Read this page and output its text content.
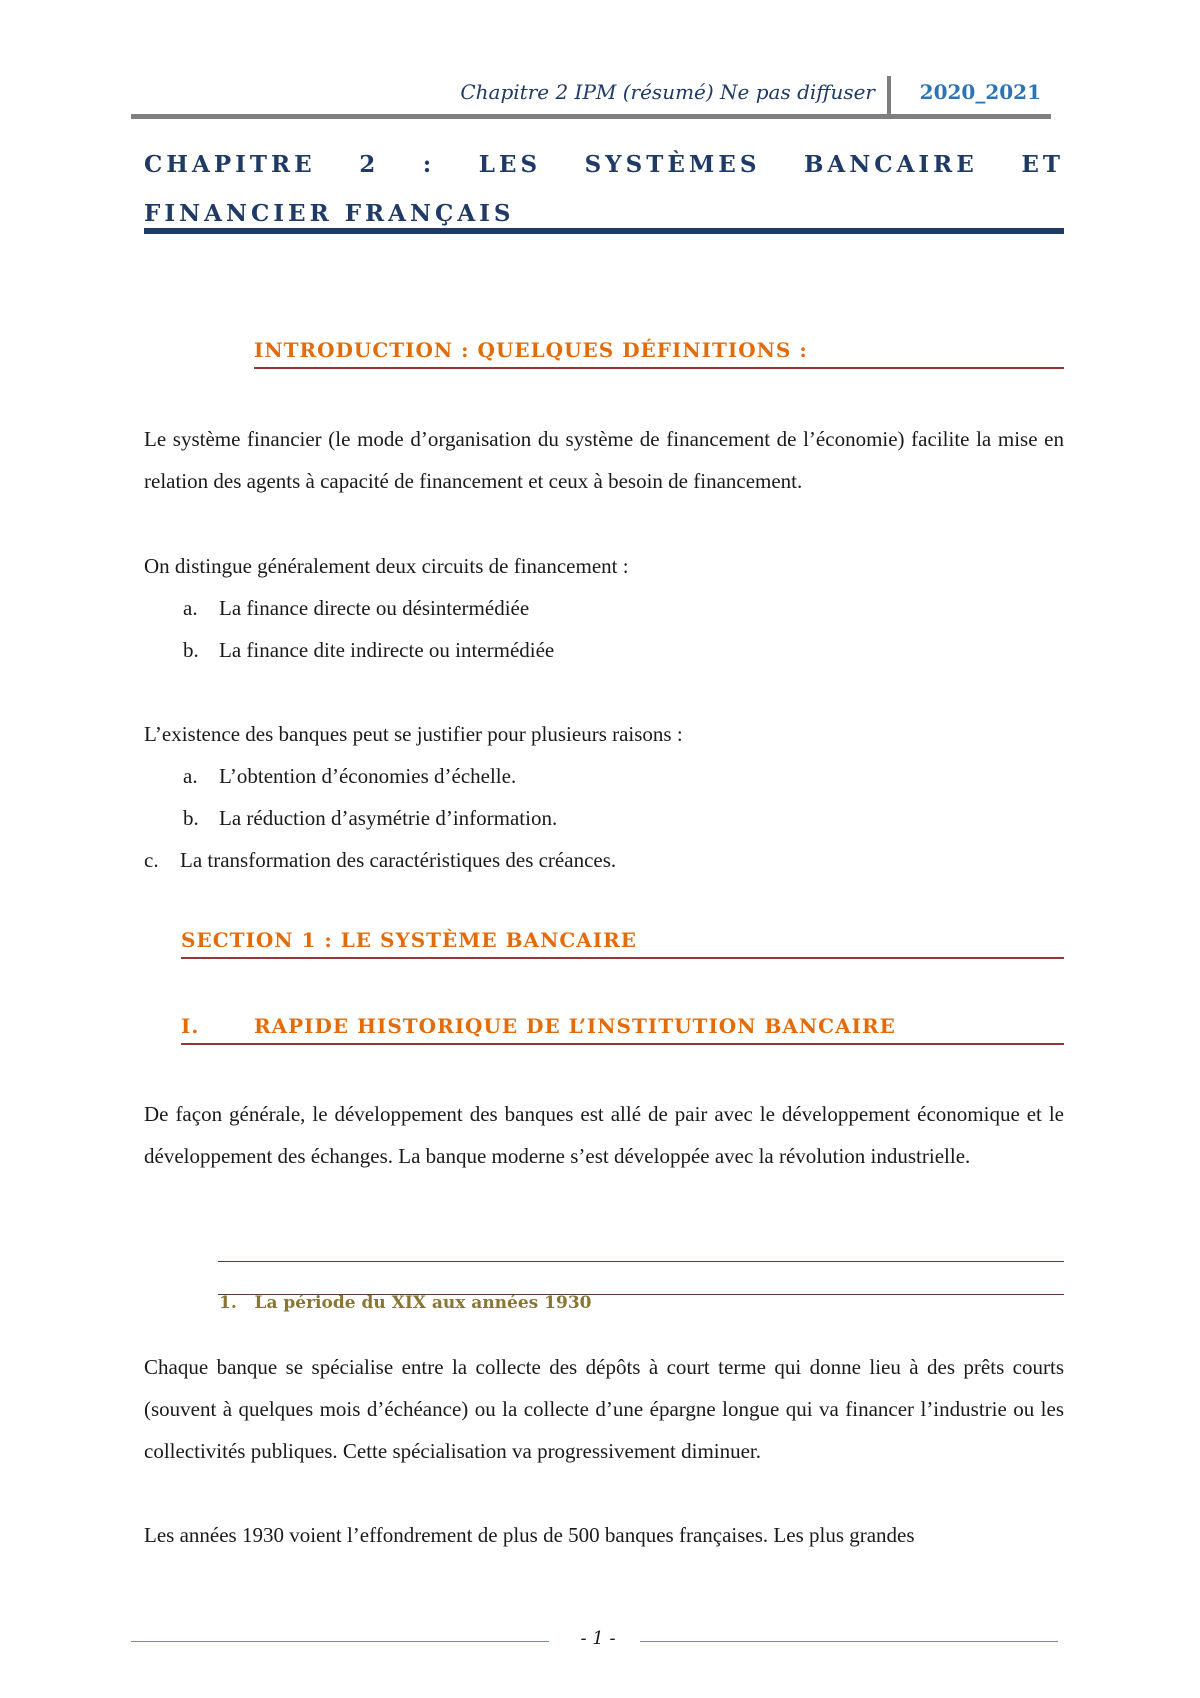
Chapitre 2 IPM (résumé) Ne pas diffuser 2020_2021
CHAPITRE 2 : LES SYSTÈMES BANCAIRE ET FINANCIER FRANÇAIS
INTRODUCTION : QUELQUES DÉFINITIONS :

Le système financier (le mode d’organisation du système de financement de l’économie) facilite la mise en relation des agents à capacité de financement et ceux à besoin de financement.

On distingue généralement deux circuits de financement :

a. La finance directe ou désintermédiée
b. La finance dite indirecte ou intermédiée

L’existence des banques peut se justifier pour plusieurs raisons :

a. L’obtention d’économies d’échelle.
b. La réduction d’asymétrie d’information.
c. La transformation des caractéristiques des créances.
SECTION 1 : LE SYSTÈME BANCAIRE
I.	RAPIDE HISTORIQUE DE L’INSTITUTION BANCAIRE

De façon générale, le développement des banques est allé de pair avec le développement économique et le développement des échanges. La banque moderne s’est développée avec la révolution industrielle.

1.   La période du XIX aux années 1930

Chaque banque se spécialise entre la collecte des dépôts à court terme qui donne lieu à des prêts courts (souvent à quelques mois d’échéance) ou la collecte d’une épargne longue qui va financer l’industrie ou les collectivités publiques. Cette spécialisation va progressivement diminuer.

Les années 1930 voient l’effondrement de plus de 500 banques françaises. Les plus grandes

- 1 -
